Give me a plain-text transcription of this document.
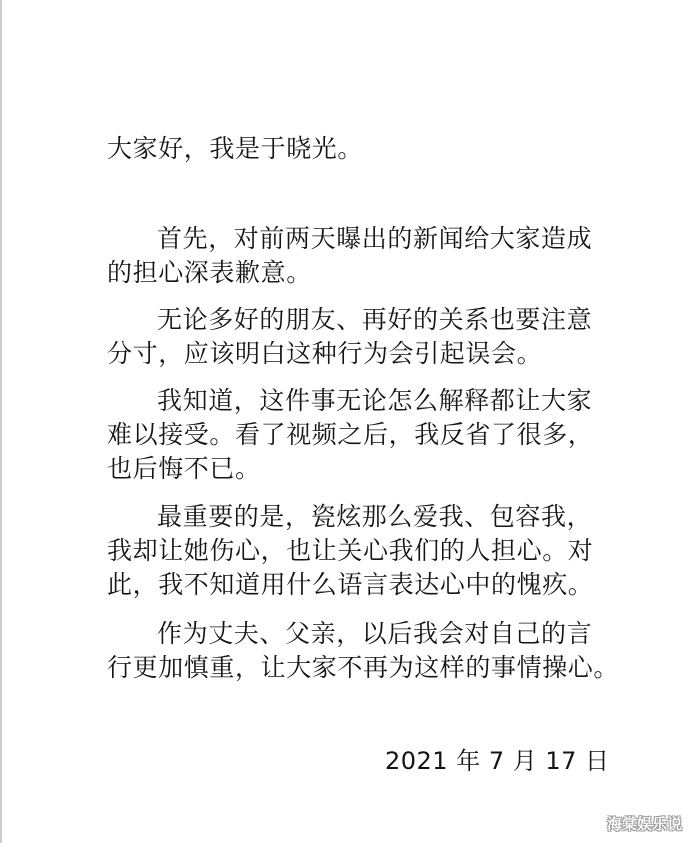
大家好，我是于晓光。
首先，对前两天曝出的新闻给大家造成
的担心深表歉意。
无论多好的朋友、再好的关系也要注意
分寸，应该明白这种行为会引起误会。
我知道，这件事无论怎么解释都让大家
难以接受。看了视频之后，我反省了很多，
也后悔不已。
最重要的是，瓷炫那么爱我、包容我，
我却让她伤心，也让关心我们的人担心。对
此，我不知道用什么语言表达心中的愧疚。
作为丈夫、父亲，以后我会对自己的言
行更加慎重，让大家不再为这样的事情操心。
2021 年 7 月 17 日
海棠娱乐说
